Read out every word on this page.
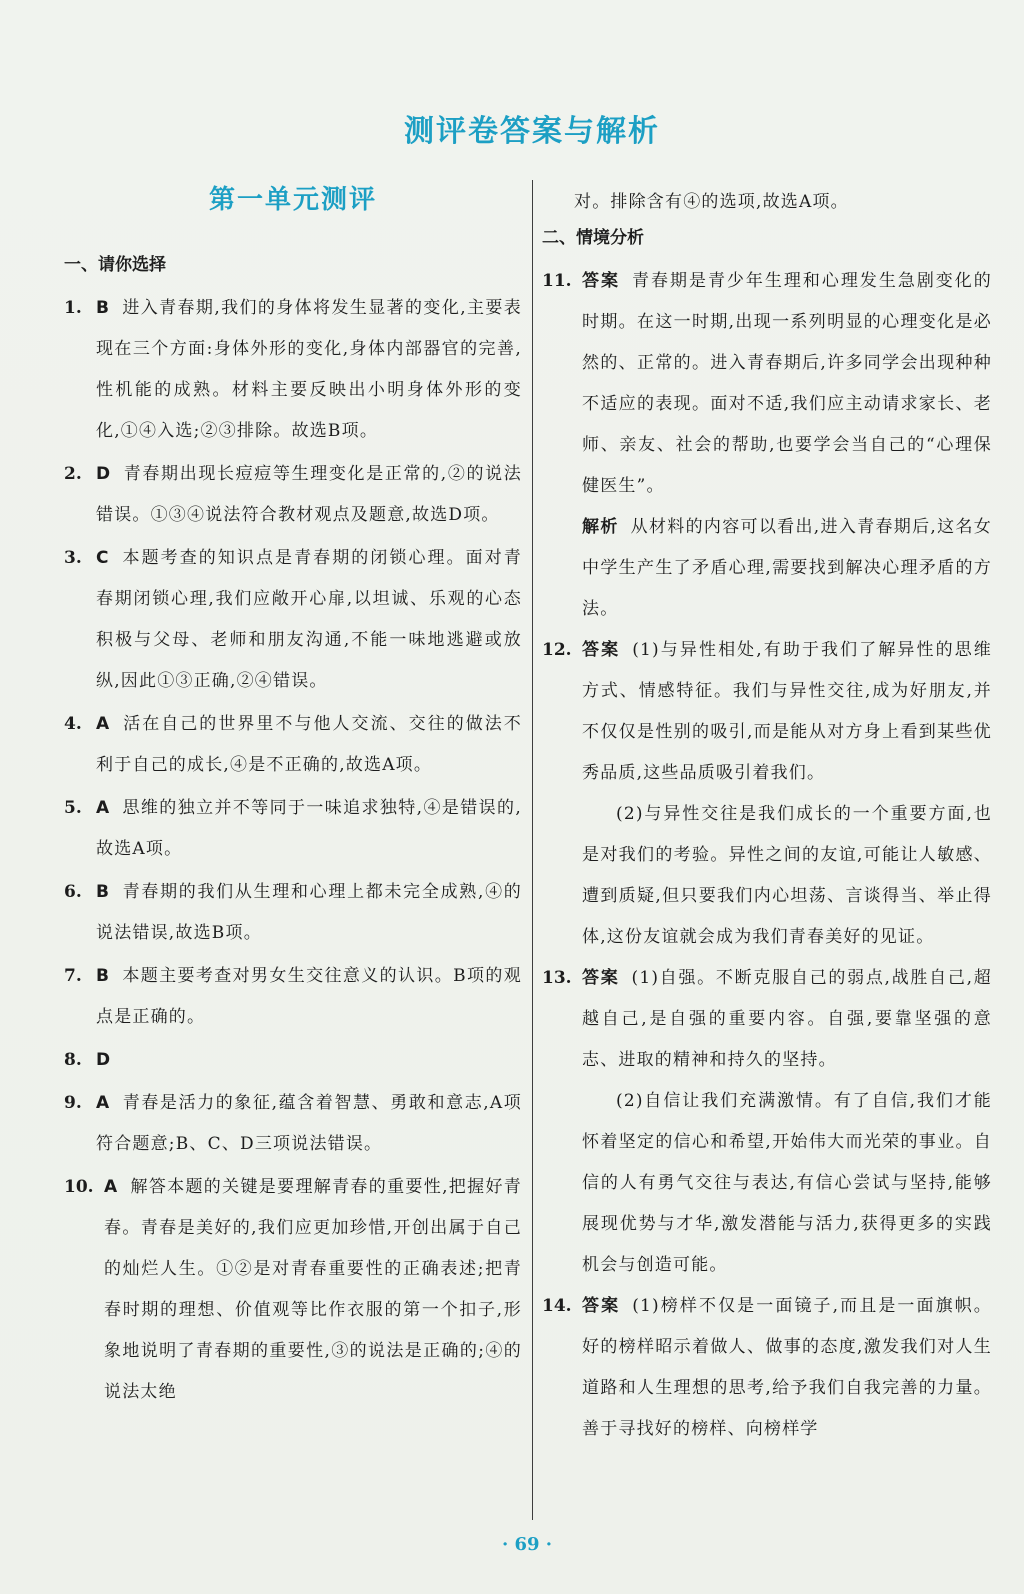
测评卷答案与解析
第一单元测评
一、请你选择
1. B 进入青春期,我们的身体将发生显著的变化,主要表现在三个方面:身体外形的变化,身体内部器官的完善,性机能的成熟。材料主要反映出小明身体外形的变化,①④入选;②③排除。故选B项。
2. D 青春期出现长痘痘等生理变化是正常的,②的说法错误。①③④说法符合教材观点及题意,故选D项。
3. C 本题考查的知识点是青春期的闭锁心理。面对青春期闭锁心理,我们应敞开心扉,以坦诚、乐观的心态积极与父母、老师和朋友沟通,不能一味地逃避或放纵,因此①③正确,②④错误。
4. A 活在自己的世界里不与他人交流、交往的做法不利于自己的成长,④是不正确的,故选A项。
5. A 思维的独立并不等同于一味追求独特,④是错误的,故选A项。
6. B 青春期的我们从生理和心理上都未完全成熟,④的说法错误,故选B项。
7. B 本题主要考查对男女生交往意义的认识。B项的观点是正确的。
8. D
9. A 青春是活力的象征,蕴含着智慧、勇敢和意志,A项符合题意;B、C、D三项说法错误。
10. A 解答本题的关键是要理解青春的重要性,把握好青春。青春是美好的,我们应更加珍惜,开创出属于自己的灿烂人生。①②是对青春重要性的正确表述;把青春时期的理想、价值观等比作衣服的第一个扣子,形象地说明了青春期的重要性,③的说法是正确的;④的说法太绝
对。排除含有④的选项,故选A项。
二、情境分析
11. 答案 青春期是青少年生理和心理发生急剧变化的时期。在这一时期,出现一系列明显的心理变化是必然的、正常的。进入青春期后,许多同学会出现种种不适应的表现。面对不适,我们应主动请求家长、老师、亲友、社会的帮助,也要学会当自己的“心理保健医生”。
解析 从材料的内容可以看出,进入青春期后,这名女中学生产生了矛盾心理,需要找到解决心理矛盾的方法。
12. 答案 (1)与异性相处,有助于我们了解异性的思维方式、情感特征。我们与异性交往,成为好朋友,并不仅仅是性别的吸引,而是能从对方身上看到某些优秀品质,这些品质吸引着我们。
(2)与异性交往是我们成长的一个重要方面,也是对我们的考验。异性之间的友谊,可能让人敏感、遭到质疑,但只要我们内心坦荡、言谈得当、举止得体,这份友谊就会成为我们青春美好的见证。
13. 答案 (1)自强。不断克服自己的弱点,战胜自己,超越自己,是自强的重要内容。自强,要靠坚强的意志、进取的精神和持久的坚持。
(2)自信让我们充满激情。有了自信,我们才能怀着坚定的信心和希望,开始伟大而光荣的事业。自信的人有勇气交往与表达,有信心尝试与坚持,能够展现优势与才华,激发潜能与活力,获得更多的实践机会与创造可能。
14. 答案 (1)榜样不仅是一面镜子,而且是一面旗帜。好的榜样昭示着做人、做事的态度,激发我们对人生道路和人生理想的思考,给予我们自我完善的力量。善于寻找好的榜样、向榜样学
· 69 ·
